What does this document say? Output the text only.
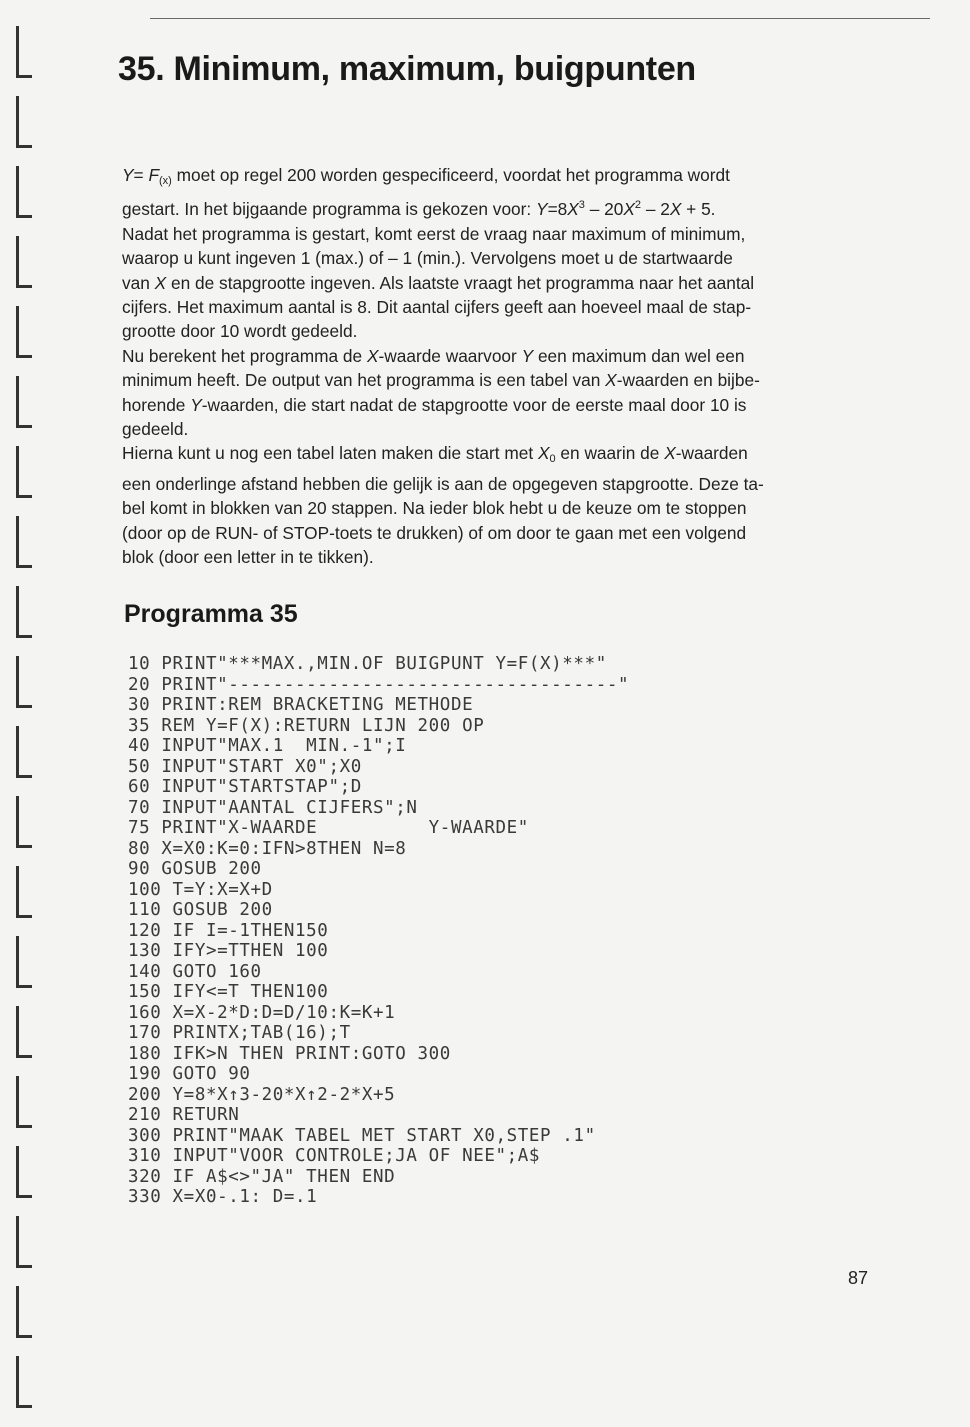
35. Minimum, maximum, buigpunten

$Y= F_{(x)}$ moet op regel 200 worden gespecificeerd, voordat het programma wordt
gestart. In het bijgaande programma is gekozen voor: $Y=8X^3 - 20X^2 - 2X + 5$.
Nadat het programma is gestart, komt eerst de vraag naar maximum of minimum,
waarop u kunt ingeven 1 (max.) of – 1 (min.). Vervolgens moet u de startwaarde
van X en de stapgrootte ingeven. Als laatste vraagt het programma naar het aantal
cijfers. Het maximum aantal is 8. Dit aantal cijfers geeft aan hoeveel maal de stap-
grootte door 10 wordt gedeeld.
Nu berekent het programma de X-waarde waarvoor Y een maximum dan wel een
minimum heeft. De output van het programma is een tabel van X-waarden en bijbe-
horende Y-waarden, die start nadat de stapgrootte voor de eerste maal door 10 is
gedeeld.
Hierna kunt u nog een tabel laten maken die start met $X_0$ en waarin de X-waarden
een onderlinge afstand hebben die gelijk is aan de opgegeven stapgrootte. Deze ta-
bel komt in blokken van 20 stappen. Na ieder blok hebt u de keuze om te stoppen
(door op de RUN- of STOP-toets te drukken) of om door te gaan met een volgend
blok (door een letter in te tikken).

Programma 35
10 PRINT"***MAX.,MIN.OF BUIGPUNT Y=F(X)***"
20 PRINT"-----------------------------------"
30 PRINT:REM BRACKETING METHODE
35 REM Y=F(X):RETURN LIJN 200 OP
40 INPUT"MAX.1  MIN.-1";I
50 INPUT"START X0";X0
60 INPUT"STARTSTAP";D
70 INPUT"AANTAL CIJFERS";N
75 PRINT"X-WAARDE          Y-WAARDE"
80 X=X0:K=0:IFN>8THEN N=8
90 GOSUB 200
100 T=Y:X=X+D
110 GOSUB 200
120 IF I=-1THEN150
130 IFY>=TTHEN 100
140 GOTO 160
150 IFY<=T THEN100
160 X=X-2*D:D=D/10:K=K+1
170 PRINTX;TAB(16);T
180 IFK>N THEN PRINT:GOTO 300
190 GOTO 90
200 Y=8*X↑3-20*X↑2-2*X+5
210 RETURN
300 PRINT"MAAK TABEL MET START X0,STEP .1"
310 INPUT"VOOR CONTROLE;JA OF NEE";A$
320 IF A$<>"JA" THEN END
330 X=X0-.1: D=.1
87
